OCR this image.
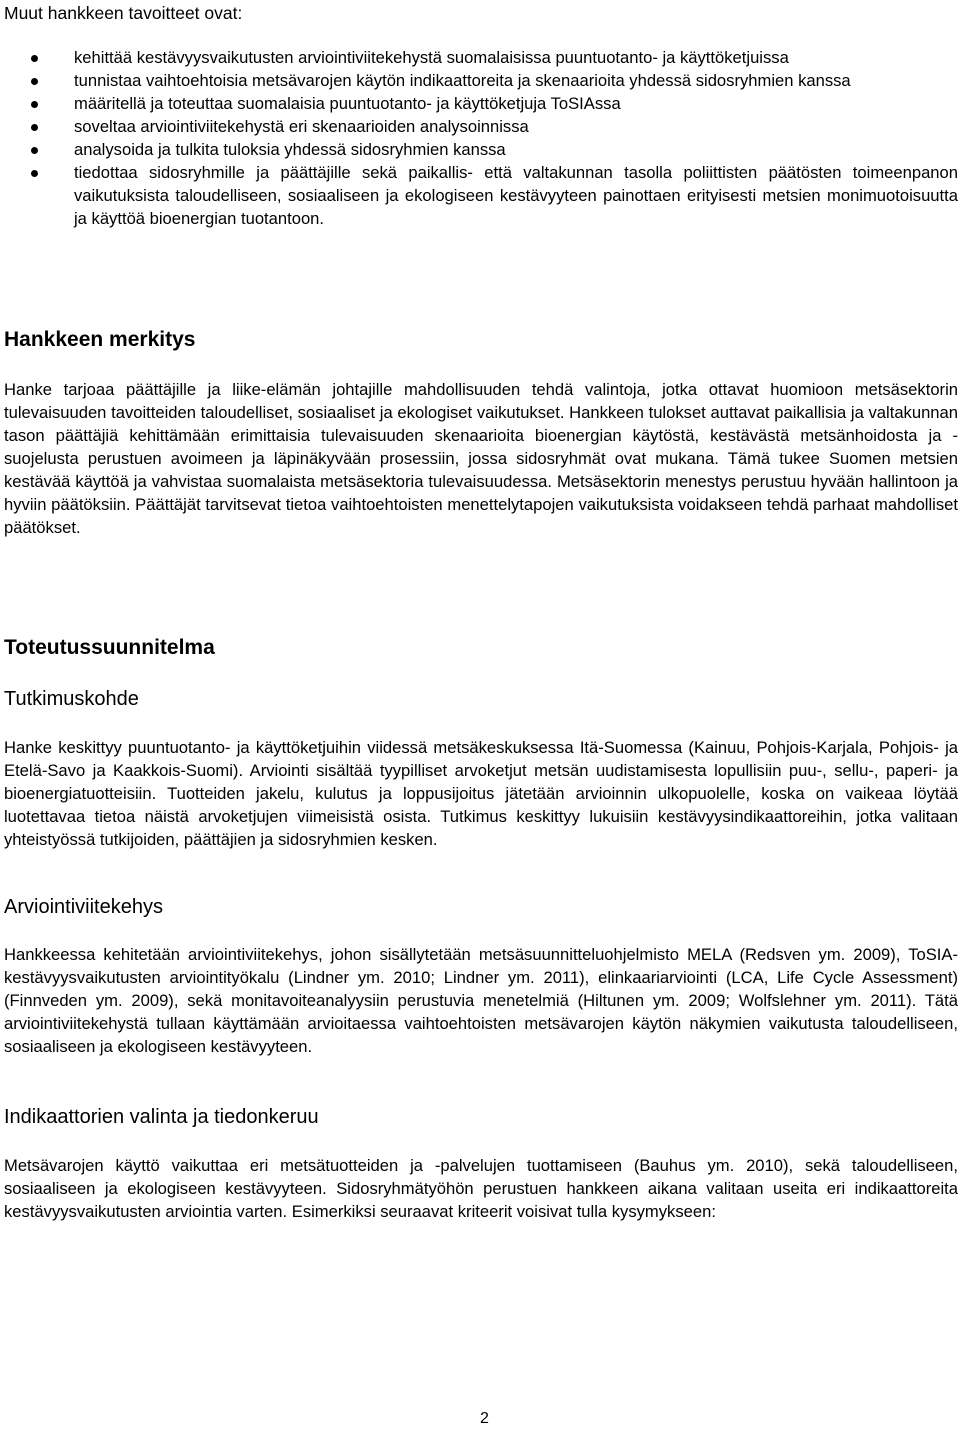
Muut hankkeen tavoitteet ovat:

kehittää kestävyysvaikutusten arviointiviitekehystä suomalaisissa puuntuotanto- ja käyttöketjuissa
tunnistaa vaihtoehtoisia metsävarojen käytön indikaattoreita ja skenaarioita yhdessä sidosryhmien kanssa
määritellä ja toteuttaa suomalaisia puuntuotanto- ja käyttöketjuja ToSIAssa
soveltaa arviointiviitekehystä eri skenaarioiden analysoinnissa
analysoida ja tulkita tuloksia yhdessä sidosryhmien kanssa
tiedottaa sidosryhmille ja päättäjille sekä paikallis- että valtakunnan tasolla poliittisten päätösten toimeenpanon vaikutuksista taloudelliseen, sosiaaliseen ja ekologiseen kestävyyteen painottaen erityisesti metsien monimuotoisuutta ja käyttöä bioenergian tuotantoon.
Hankkeen merkitys

Hanke tarjoaa päättäjille ja liike-elämän johtajille mahdollisuuden tehdä valintoja, jotka ottavat huomioon metsäsektorin tulevaisuuden tavoitteiden taloudelliset, sosiaaliset ja ekologiset vaikutukset. Hankkeen tulokset auttavat paikallisia ja valtakunnan tason päättäjiä kehittämään erimittaisia tulevaisuuden skenaarioita bioenergian käytöstä, kestävästä metsänhoidosta ja -suojelusta perustuen avoimeen ja läpinäkyvään prosessiin, jossa sidosryhmät ovat mukana. Tämä tukee Suomen metsien kestävää käyttöä ja vahvistaa suomalaista metsäsektoria tulevaisuudessa. Metsäsektorin menestys perustuu hyvään hallintoon ja hyviin päätöksiin. Päättäjät tarvitsevat tietoa vaihtoehtoisten menettelytapojen vaikutuksista voidakseen tehdä parhaat mahdolliset päätökset.

Toteutussuunnitelma
Tutkimuskohde

Hanke keskittyy puuntuotanto- ja käyttöketjuihin viidessä metsäkeskuksessa Itä-Suomessa (Kainuu, Pohjois-Karjala, Pohjois- ja Etelä-Savo ja Kaakkois-Suomi). Arviointi sisältää tyypilliset arvoketjut metsän uudistamisesta lopullisiin puu-, sellu-, paperi- ja bioenergiatuotteisiin. Tuotteiden jakelu, kulutus ja loppusijoitus jätetään arvioinnin ulkopuolelle, koska on vaikeaa löytää luotettavaa tietoa näistä arvoketjujen viimeisistä osista. Tutkimus keskittyy lukuisiin kestävyysindikaattoreihin, jotka valitaan yhteistyössä tutkijoiden, päättäjien ja sidosryhmien kesken.

Arviointiviitekehys

Hankkeessa kehitetään arviointiviitekehys, johon sisällytetään metsäsuunnitteluohjelmisto MELA (Redsven ym. 2009), ToSIA-kestävyysvaikutusten arviointityökalu (Lindner ym. 2010; Lindner ym. 2011), elinkaariarviointi (LCA, Life Cycle Assessment) (Finnveden ym. 2009), sekä monitavoiteanalyysiin perustuvia menetelmiä (Hiltunen ym. 2009; Wolfslehner ym. 2011). Tätä arviointiviitekehystä tullaan käyttämään arvioitaessa vaihtoehtoisten metsävarojen käytön näkymien vaikutusta taloudelliseen, sosiaaliseen ja ekologiseen kestävyyteen.

Indikaattorien valinta ja tiedonkeruu

Metsävarojen käyttö vaikuttaa eri metsätuotteiden ja -palvelujen tuottamiseen (Bauhus ym. 2010), sekä taloudelliseen, sosiaaliseen ja ekologiseen kestävyyteen. Sidosryhmätyöhön perustuen hankkeen aikana valitaan useita eri indikaattoreita kestävyysvaikutusten arviointia varten. Esimerkiksi seuraavat kriteerit voisivat tulla kysymykseen:

2
